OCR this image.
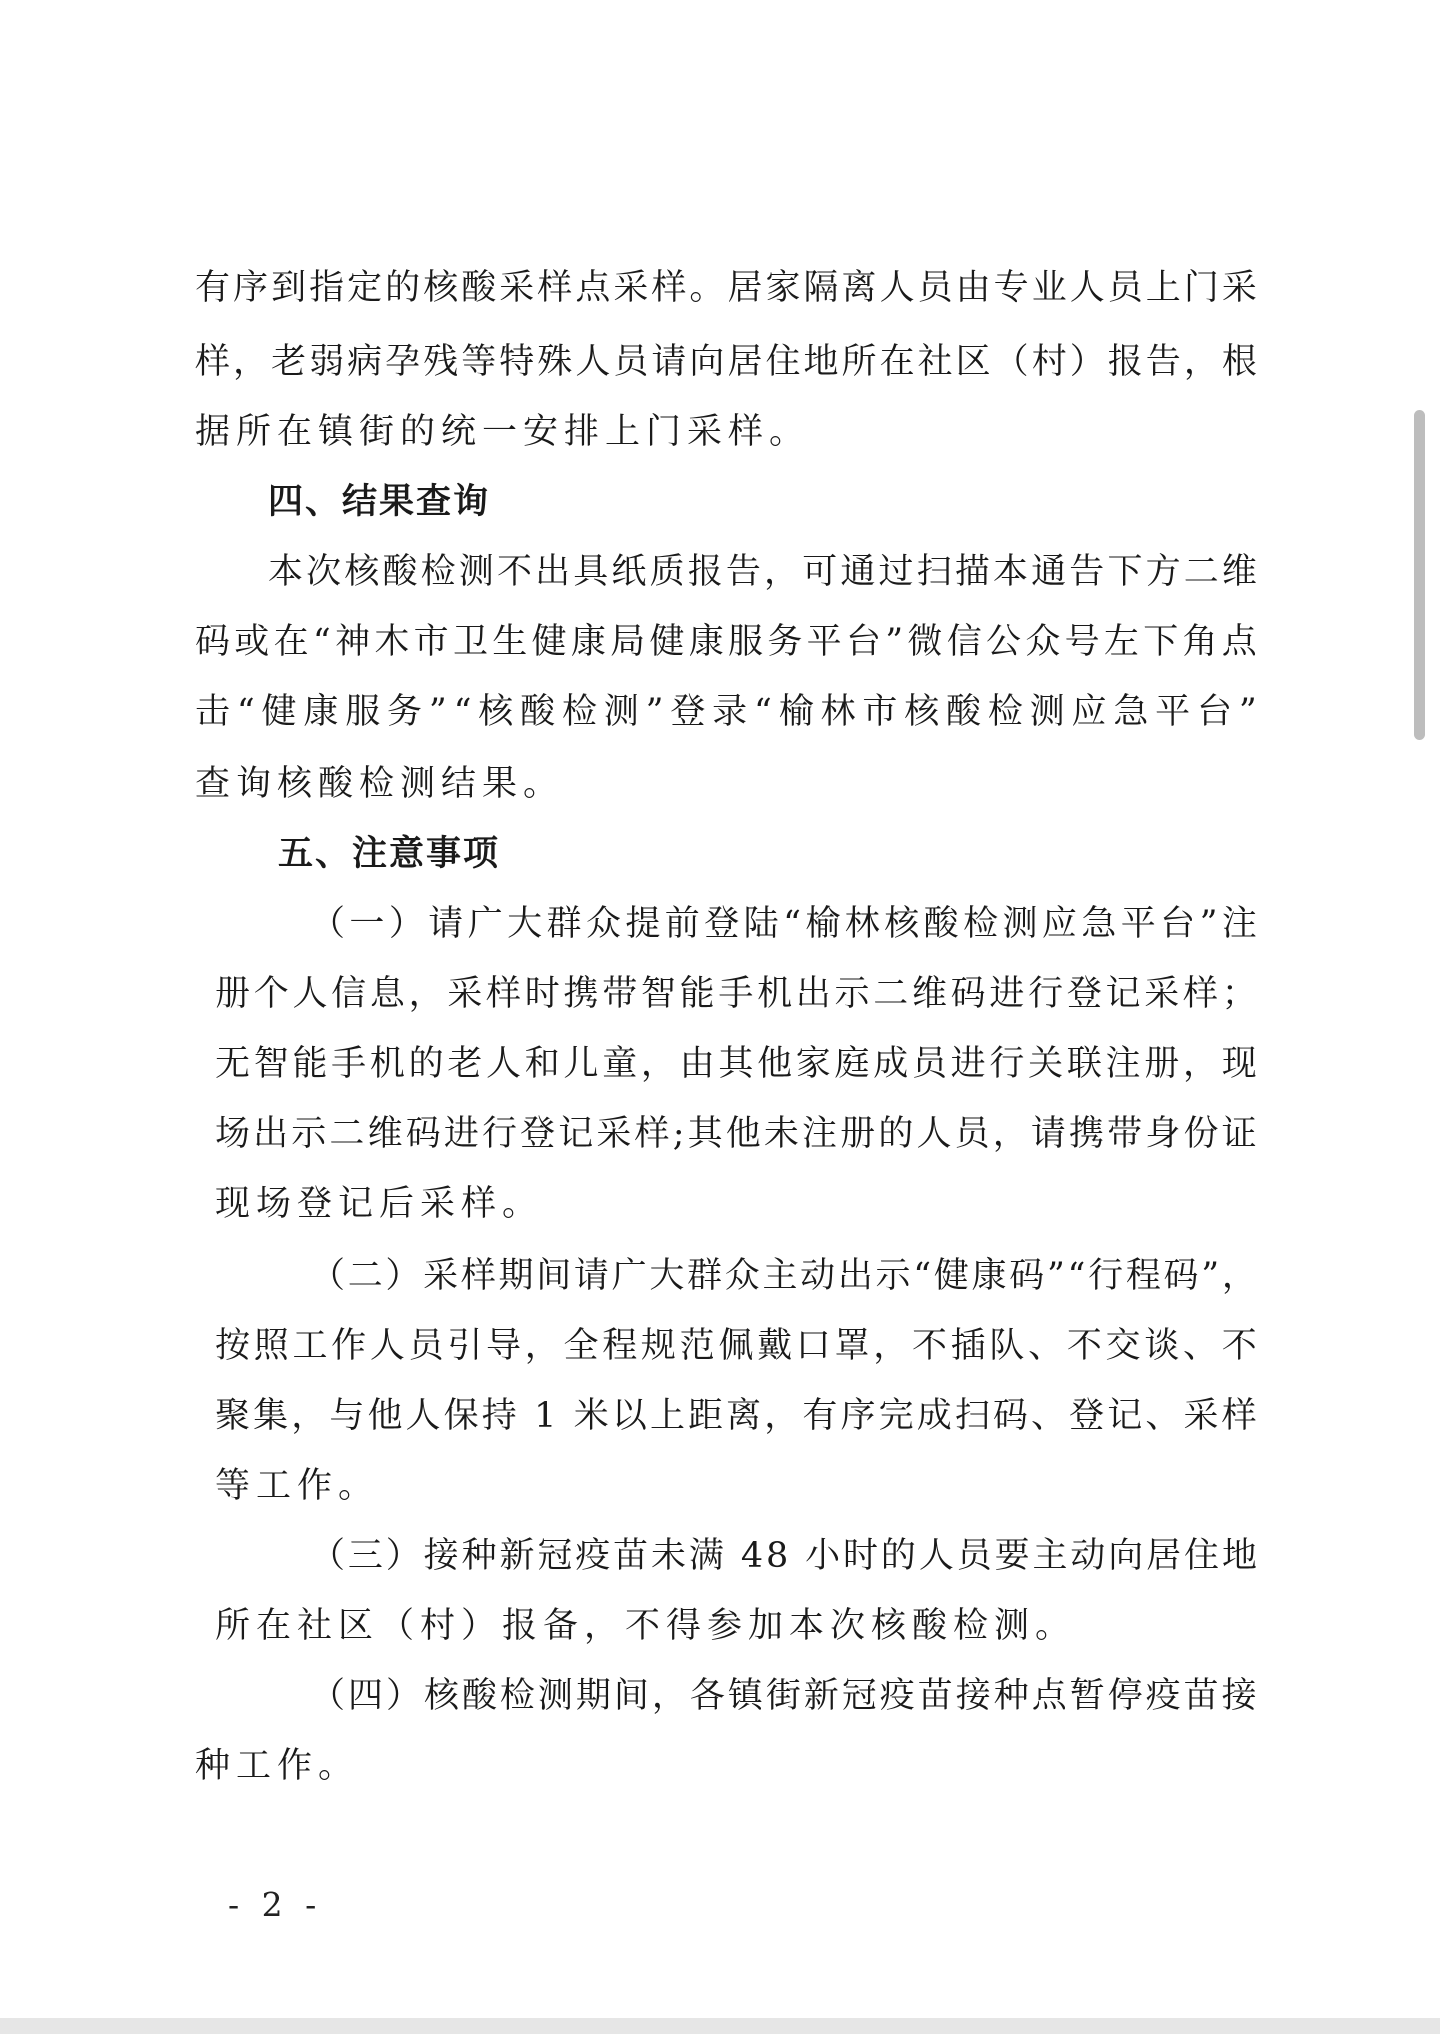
有 序 到 指 定 的 核 酸 采 样 点 采 样 。 居 家 隔 离 人 员 由 专 业 人 员 上 门 采
样 ， 老 弱 病 孕 残 等 特 殊 人 员 请 向 居 住 地 所 在 社 区 （ 村 ） 报 告 ， 根
据所在镇街的统一安排上门采样。
四、结果查询
本 次 核 酸 检 测 不 出 具 纸 质 报 告 ， 可 通 过 扫 描 本 通 告 下 方 二 维
码 或 在 “ 神 木 市 卫 生 健 康 局 健 康 服 务 平 台 ” 微 信 公 众 号 左 下 角 点
击 “ 健 康 服 务 ” “ 核 酸 检 测 ” 登 录 “ 榆 林 市 核 酸 检 测 应 急 平 台 ”
查询核酸检测结果。
五、注意事项
（ 一 ） 请 广 大 群 众 提 前 登 陆 “ 榆 林 核 酸 检 测 应 急 平 台 ” 注
册 个 人 信 息 ， 采 样 时 携 带 智 能 手 机 出 示 二 维 码 进 行 登 记 采 样 ；
无 智 能 手 机 的 老 人 和 儿 童 ， 由 其 他 家 庭 成 员 进 行 关 联 注 册 ， 现
场 出 示 二 维 码 进 行 登 记 采 样 ; 其 他 未 注 册 的 人 员 ， 请 携 带 身 份 证
现场登记后采样。
（ 二 ） 采 样 期 间 请 广 大 群 众 主 动 出 示 “ 健 康 码 ” “ 行 程 码 ” ，
按 照 工 作 人 员 引 导 ， 全 程 规 范 佩 戴 口 罩 ， 不 插 队 、 不 交 谈 、 不
聚 集 ， 与 他 人 保 持
1
米 以 上 距 离 ， 有 序 完 成 扫 码 、 登 记 、 采 样
等工作。
（ 三 ） 接 种 新 冠 疫 苗 未 满
4 8
小 时 的 人 员 要 主 动 向 居 住 地
所在社区（村）报备，不得参加本次核酸检测。
（ 四 ） 核 酸 检 测 期 间 ， 各 镇 街 新 冠 疫 苗 接 种 点 暂 停 疫 苗 接
种工作。
- 2 -
